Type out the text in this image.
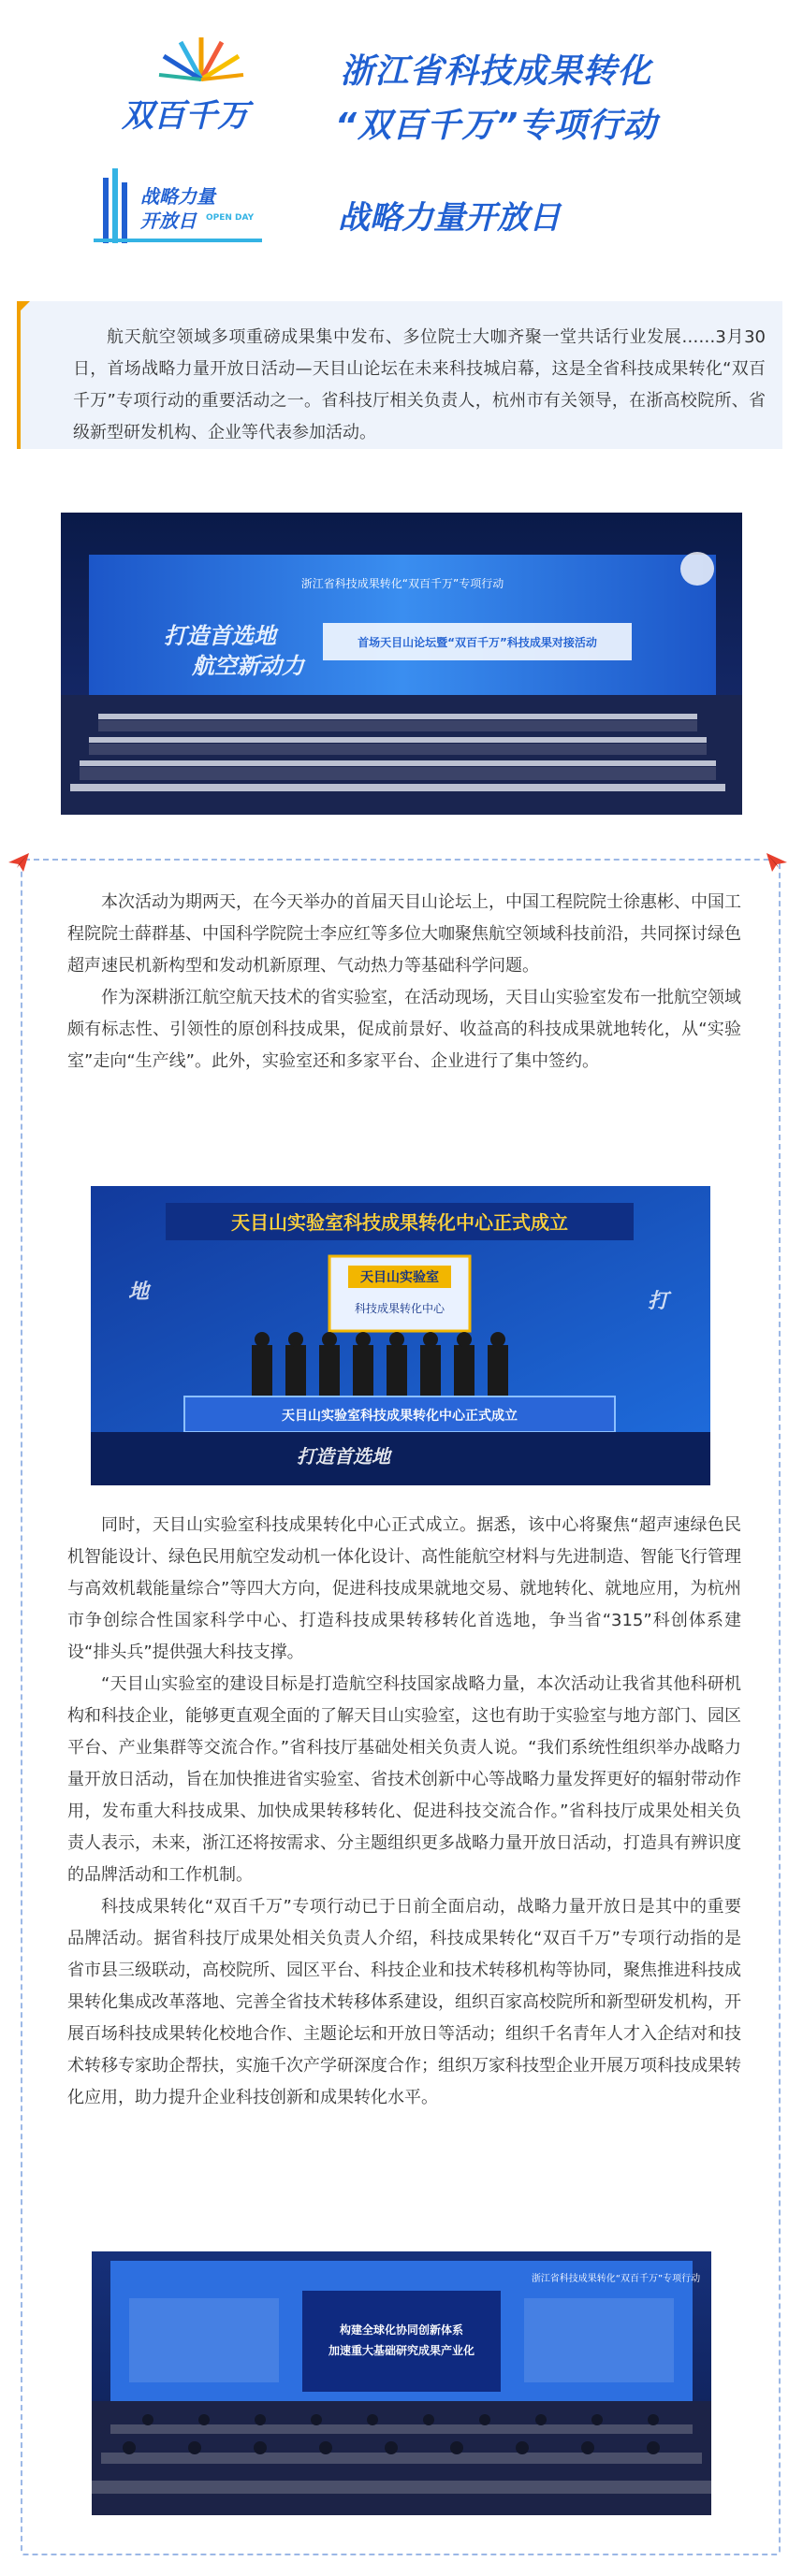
双百千万
浙江省科技成果转化
“双百千万”专项行动
战略力量
开放日 OPEN DAY	战略力量开放日

航天航空领域多项重磅成果集中发布、多位院士大咖齐聚一堂共话行业发展……3月30日，首场战略力量开放日活动—天目山论坛在未来科技城启幕，这是全省科技成果转化“双百千万”专项行动的重要活动之一。省科技厅相关负责人，杭州市有关领导，在浙高校院所、省级新型研发机构、企业等代表参加活动。

浙江省科技成果转化“双百千万”专项行动
打造首选地
航空新动力
首场天目山论坛暨“双百千万”科技成果对接活动

本次活动为期两天，在今天举办的首届天目山论坛上，中国工程院院士徐惠彬、中国工程院院士薛群基、中国科学院院士李应红等多位大咖聚焦航空领域科技前沿，共同探讨绿色超声速民机新构型和发动机新原理、气动热力等基础科学问题。

作为深耕浙江航空航天技术的省实验室，在活动现场，天目山实验室发布一批航空领域颇有标志性、引领性的原创科技成果，促成前景好、收益高的科技成果就地转化，从“实验室”走向“生产线”。此外，实验室还和多家平台、企业进行了集中签约。

天目山实验室科技成果转化中心正式成立
天目山实验室
科技成果转化中心
天目山实验室科技成果转化中心正式成立
地	打
打造首选地

同时，天目山实验室科技成果转化中心正式成立。据悉，该中心将聚焦“超声速绿色民机智能设计、绿色民用航空发动机一体化设计、高性能航空材料与先进制造、智能飞行管理与高效机载能量综合”等四大方向，促进科技成果就地交易、就地转化、就地应用，为杭州市争创综合性国家科学中心、打造科技成果转移转化首选地，争当省“315”科创体系建设“排头兵”提供强大科技支撑。

“天目山实验室的建设目标是打造航空科技国家战略力量，本次活动让我省其他科研机构和科技企业，能够更直观全面的了解天目山实验室，这也有助于实验室与地方部门、园区平台、产业集群等交流合作。”省科技厅基础处相关负责人说。“我们系统性组织举办战略力量开放日活动，旨在加快推进省实验室、省技术创新中心等战略力量发挥更好的辐射带动作用，发布重大科技成果、加快成果转移转化、促进科技交流合作。”省科技厅成果处相关负责人表示，未来，浙江还将按需求、分主题组织更多战略力量开放日活动，打造具有辨识度的品牌活动和工作机制。

科技成果转化“双百千万”专项行动已于日前全面启动，战略力量开放日是其中的重要品牌活动。据省科技厅成果处相关负责人介绍，科技成果转化“双百千万”专项行动指的是省市县三级联动，高校院所、园区平台、科技企业和技术转移机构等协同，聚焦推进科技成果转化集成改革落地、完善全省技术转移体系建设，组织百家高校院所和新型研发机构，开展百场科技成果转化校地合作、主题论坛和开放日等活动；组织千名青年人才入企结对和技术转移专家助企帮扶，实施千次产学研深度合作；组织万家科技型企业开展万项科技成果转化应用，助力提升企业科技创新和成果转化水平。

浙江省科技成果转化“双百千万”专项行动
构建全球化协同创新体系
加速重大基础研究成果产业化
